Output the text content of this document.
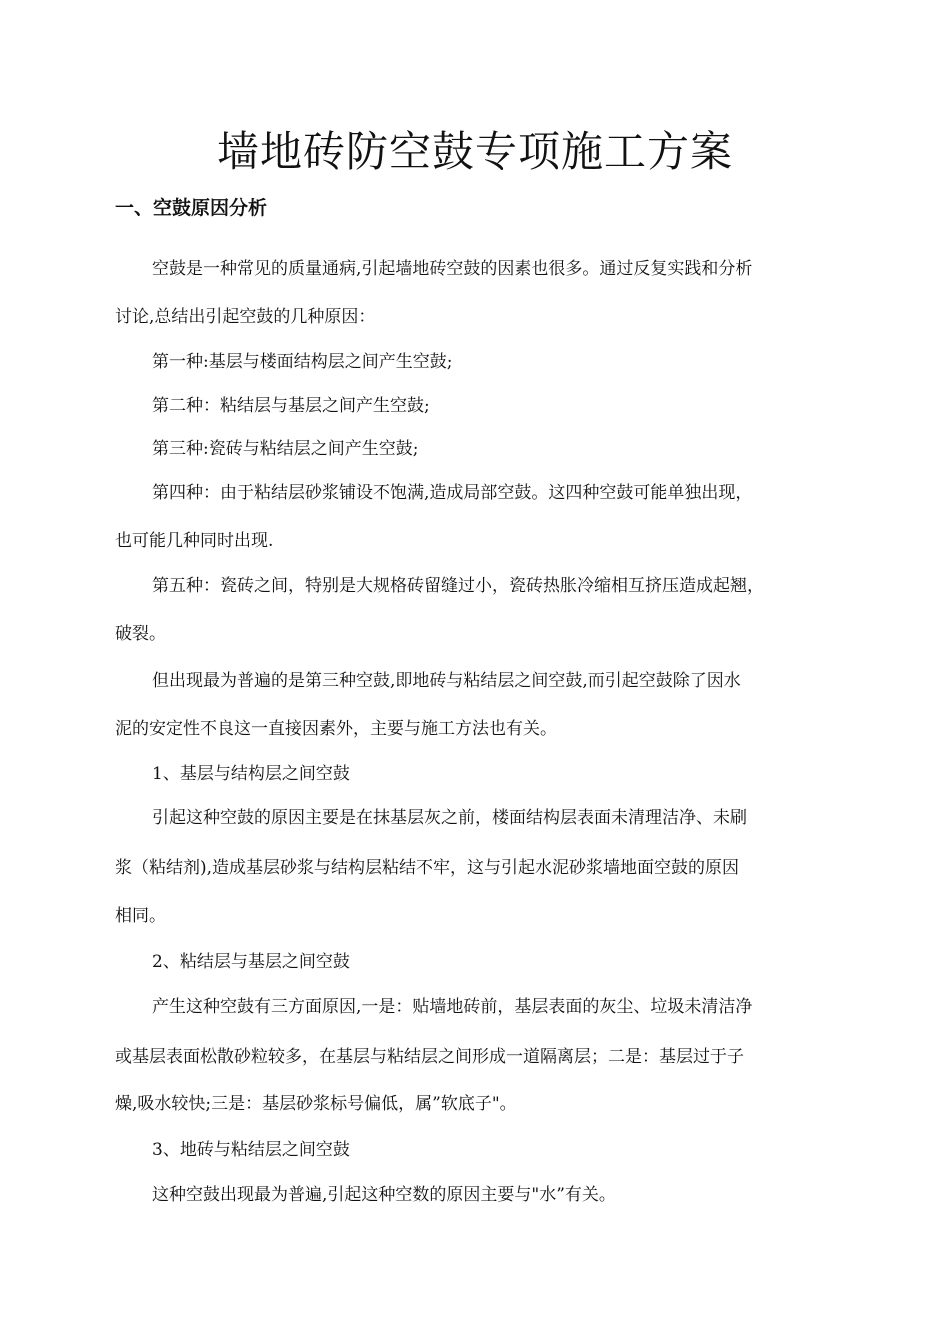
墙地砖防空鼓专项施工方案
一、空鼓原因分析
空鼓是一种常见的质量通病,引起墙地砖空鼓的因素也很多。通过反复实践和分析
讨论,总结出引起空鼓的几种原因：
第一种:基层与楼面结构层之间产生空鼓;
第二种：粘结层与基层之间产生空鼓;
第三种:瓷砖与粘结层之间产生空鼓;
第四种：由于粘结层砂浆铺设不饱满,造成局部空鼓。这四种空鼓可能单独出现，
也可能几种同时出现.
第五种：瓷砖之间，特别是大规格砖留缝过小，瓷砖热胀冷缩相互挤压造成起翘，
破裂。
但出现最为普遍的是第三种空鼓,即地砖与粘结层之间空鼓,而引起空鼓除了因水
泥的安定性不良这一直接因素外，主要与施工方法也有关。
1、基层与结构层之间空鼓
引起这种空鼓的原因主要是在抹基层灰之前，楼面结构层表面未清理洁净、未刷
浆（粘结剂),造成基层砂浆与结构层粘结不牢，这与引起水泥砂浆墙地面空鼓的原因
相同。
2、粘结层与基层之间空鼓
产生这种空鼓有三方面原因,一是：贴墙地砖前，基层表面的灰尘、垃圾未清洁净
或基层表面松散砂粒较多，在基层与粘结层之间形成一道隔离层；二是：基层过于子
燥,吸水较快;三是：基层砂浆标号偏低，属”软底子"。
3、地砖与粘结层之间空鼓
这种空鼓出现最为普遍,引起这种空数的原因主要与"水”有关。
